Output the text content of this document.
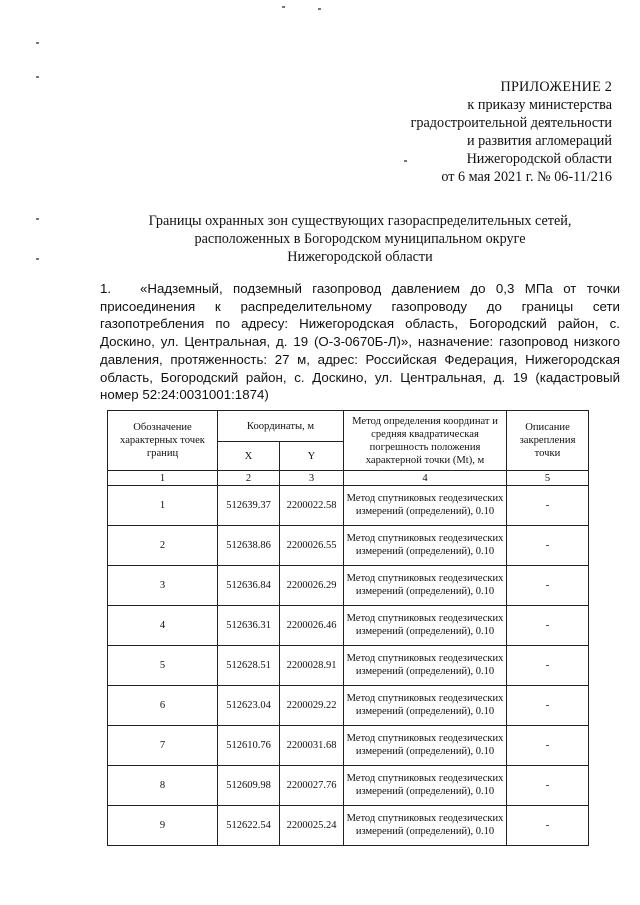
ПРИЛОЖЕНИЕ 2
к приказу министерства
градостроительной деятельности
и развития агломераций
Нижегородской области
от 6 мая 2021 г. № 06-11/216
Границы охранных зон существующих газораспределительных сетей,
расположенных в Богородском муниципальном округе
Нижегородской области
1. «Надземный, подземный газопровод давлением до 0,3 МПа от точки присоединения к распределительному газопроводу до границы сети газопотребления по адресу: Нижегородская область, Богородский район, с. Доскино, ул. Центральная, д. 19 (О-3-0670Б-Л)», назначение: газопровод низкого давления, протяженность: 27 м, адрес: Российская Федерация, Нижегородская область, Богородский район, с. Доскино, ул. Центральная, д. 19 (кадастровый номер 52:24:0031001:1874)
Обозначение характерных точек границ	Координаты, м		Метод определения координат и средняя квадратическая погрешность положения характерной точки (Mt), м	Описание закрепления точки
	X	Y		
1	2	3	4	5
1	512639.37	2200022.58	Метод спутниковых геодезических измерений (определений), 0.10	-
2	512638.86	2200026.55	Метод спутниковых геодезических измерений (определений), 0.10	-
3	512636.84	2200026.29	Метод спутниковых геодезических измерений (определений), 0.10	-
4	512636.31	2200026.46	Метод спутниковых геодезических измерений (определений), 0.10	-
5	512628.51	2200028.91	Метод спутниковых геодезических измерений (определений), 0.10	-
6	512623.04	2200029.22	Метод спутниковых геодезических измерений (определений), 0.10	-
7	512610.76	2200031.68	Метод спутниковых геодезических измерений (определений), 0.10	-
8	512609.98	2200027.76	Метод спутниковых геодезических измерений (определений), 0.10	-
9	512622.54	2200025.24	Метод спутниковых геодезических измерений (определений), 0.10	-
